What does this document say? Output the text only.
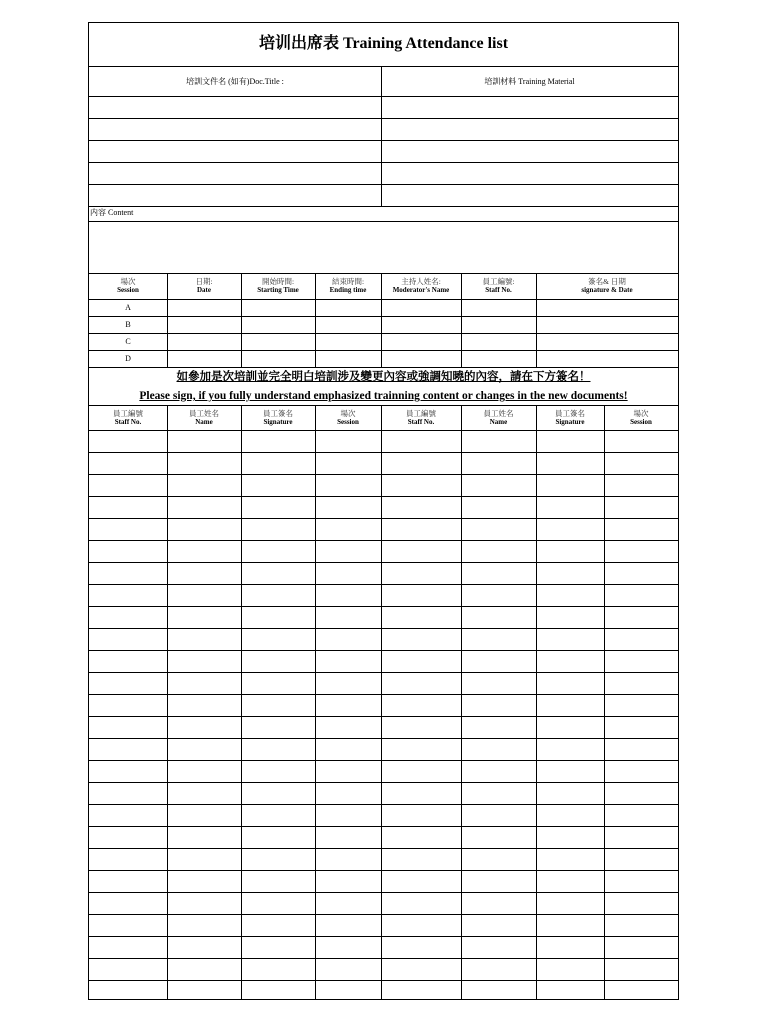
培训出席表 Training Attendance list
培訓文件名 (如有)Doc.Title :	培訓材料 Training Material
内容 Content
場次
Session
日期:
Date
開始時間:
Starting Time
結束時間:
Ending time
主持人姓名:
Moderator's Name
員工編號:
Staff No.
簽名& 日期
signature & Date
A
B
C
D
如參加是次培訓並完全明白培訓涉及變更內容或強調知曉的內容，請在下方簽名！
Please sign, if you fully understand emphasized trainning content or changes in the new documents!
員工編號
Staff No.
員工姓名
Name
員工簽名
Signature
場次
Session
員工編號
Staff No.
員工姓名
Name
員工簽名
Signature
場次
Session
